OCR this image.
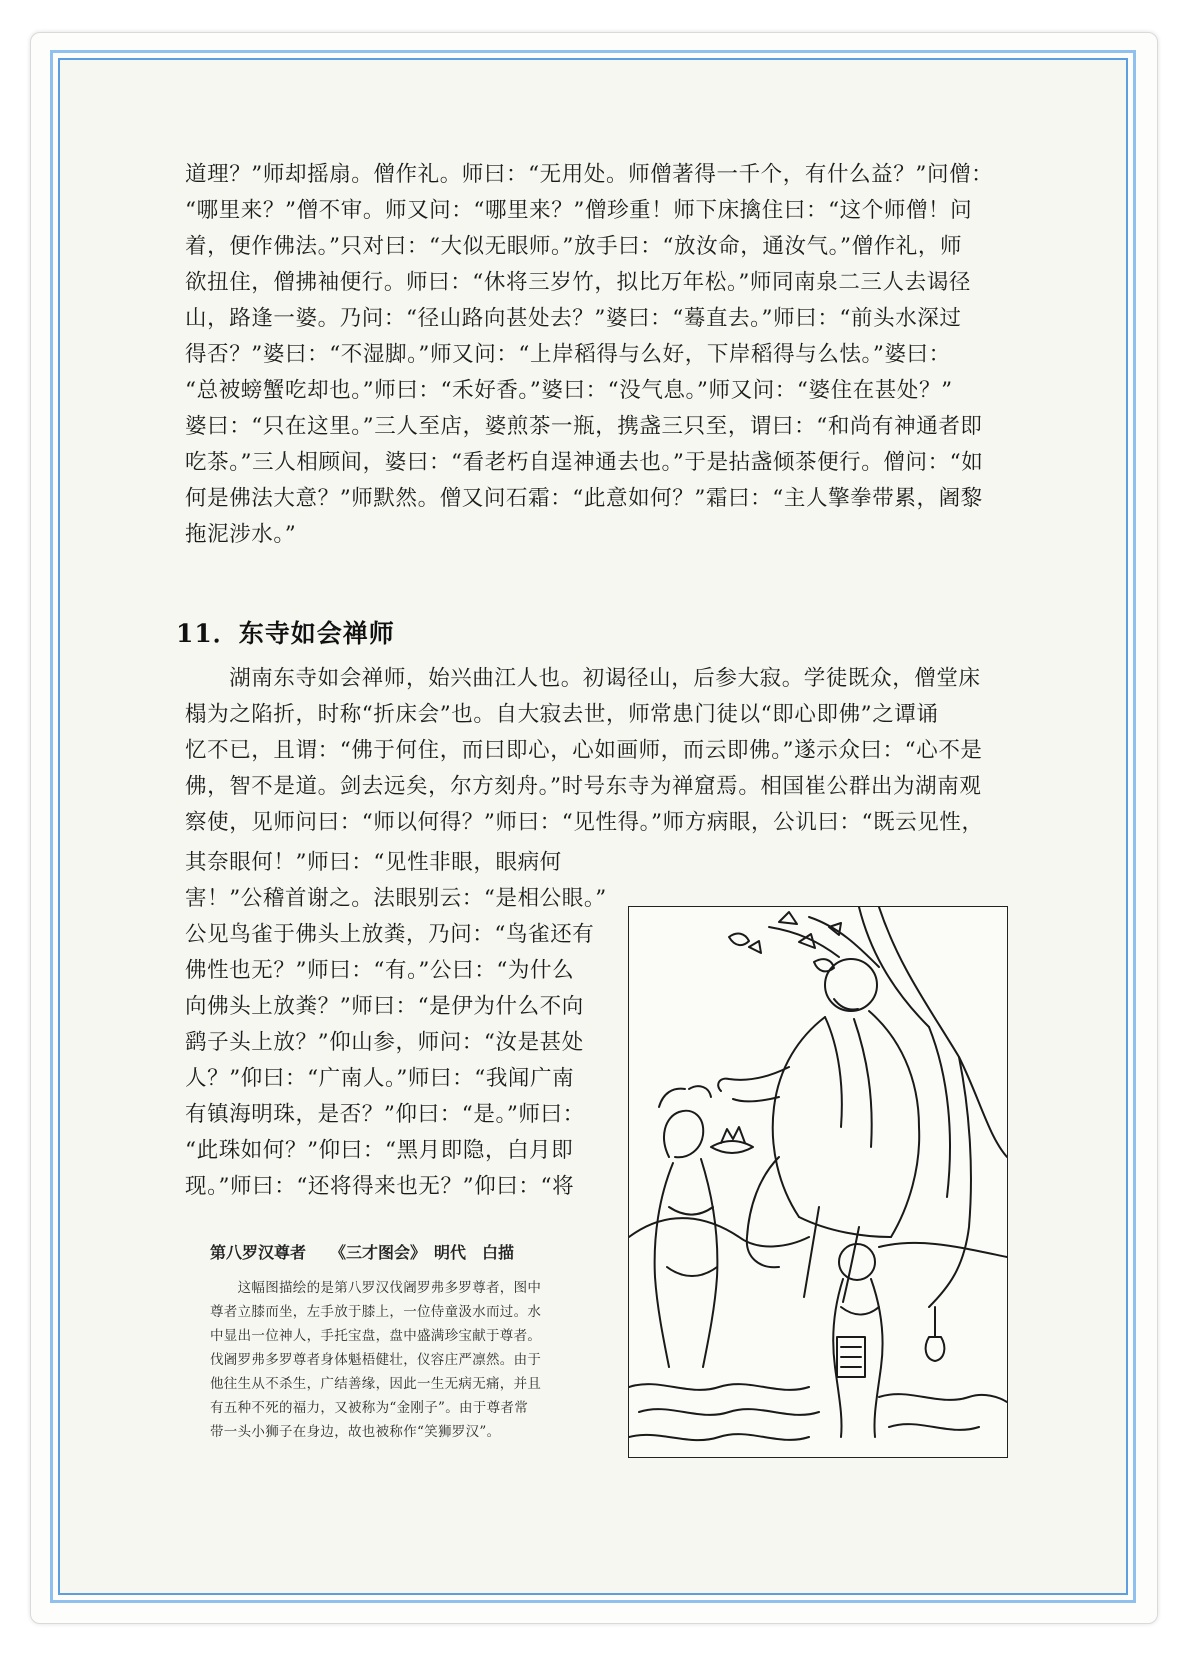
道理？”师却摇扇。僧作礼。师曰：“无用处。师僧著得一千个，有什么益？”问僧：
“哪里来？”僧不审。师又问：“哪里来？”僧珍重！师下床擒住曰：“这个师僧！问
着，便作佛法。”只对曰：“大似无眼师。”放手曰：“放汝命，通汝气。”僧作礼，师
欲扭住，僧拂袖便行。师曰：“休将三岁竹，拟比万年松。”师同南泉二三人去谒径
山，路逢一婆。乃问：“径山路向甚处去？”婆曰：“蓦直去。”师曰：“前头水深过
得否？”婆曰：“不湿脚。”师又问：“上岸稻得与么好，下岸稻得与么怯。”婆曰：
“总被螃蟹吃却也。”师曰：“禾好香。”婆曰：“没气息。”师又问：“婆住在甚处？”
婆曰：“只在这里。”三人至店，婆煎茶一瓶，携盏三只至，谓曰：“和尚有神通者即
吃茶。”三人相顾间，婆曰：“看老朽自逞神通去也。”于是拈盏倾茶便行。僧问：“如
何是佛法大意？”师默然。僧又问石霜：“此意如何？”霜曰：“主人擎拳带累，阇黎
拖泥涉水。”
11．东寺如会禅师
　　湖南东寺如会禅师，始兴曲江人也。初谒径山，后参大寂。学徒既众，僧堂床
榻为之陷折，时称“折床会”也。自大寂去世，师常患门徒以“即心即佛”之谭诵
忆不已，且谓：“佛于何住，而曰即心，心如画师，而云即佛。”遂示众曰：“心不是
佛，智不是道。剑去远矣，尔方刻舟。”时号东寺为禅窟焉。相国崔公群出为湖南观
察使，见师问曰：“师以何得？”师曰：“见性得。”师方病眼，公讥曰：“既云见性，
其奈眼何！”师曰：“见性非眼，眼病何
害！”公稽首谢之。法眼别云：“是相公眼。”
公见鸟雀于佛头上放粪，乃问：“鸟雀还有
佛性也无？”师曰：“有。”公曰：“为什么
向佛头上放粪？”师曰：“是伊为什么不向
鹞子头上放？”仰山参，师问：“汝是甚处
人？”仰曰：“广南人。”师曰：“我闻广南
有镇海明珠，是否？”仰曰：“是。”师曰：
“此珠如何？”仰曰：“黑月即隐，白月即
现。”师曰：“还将得来也无？”仰曰：“将
第八罗汉尊者　　《三才图会》　明代　白描
　　这幅图描绘的是第八罗汉伐阇罗弗多罗尊者，图中
尊者立膝而坐，左手放于膝上，一位侍童汲水而过。水
中显出一位神人，手托宝盘，盘中盛满珍宝献于尊者。
伐阇罗弗多罗尊者身体魁梧健壮，仪容庄严凛然。由于
他往生从不杀生，广结善缘，因此一生无病无痛，并且
有五种不死的福力，又被称为“金刚子”。由于尊者常
带一头小狮子在身边，故也被称作“笑狮罗汉”。
